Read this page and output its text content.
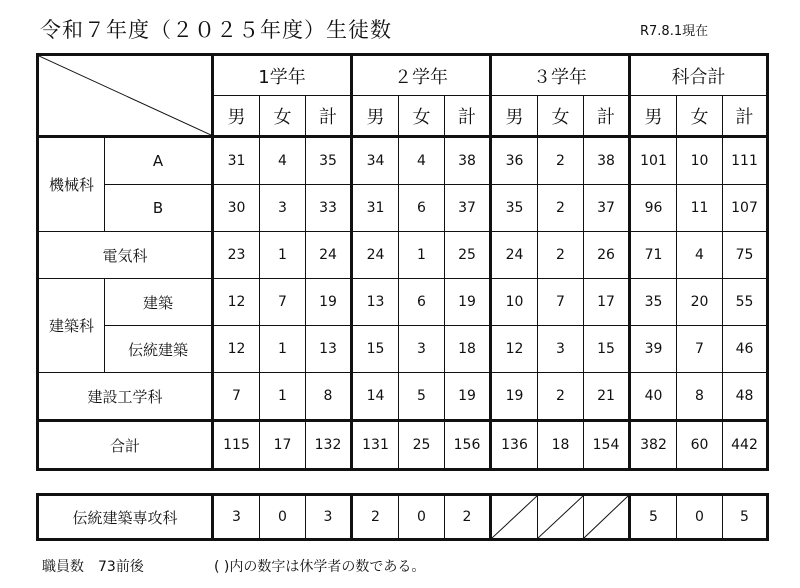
令和７年度（２０２５年度）生徒数	R7.8.1現在
	1学年			２学年			３学年			科合計		
		男	女	計	男	女	計	男	女	計	男	女	計
機械科	A	31	4	35	34	4	38	36	2	38	101	10	111
	B	30	3	33	31	6	37	35	2	37	96	11	107
電気科		23	1	24	24	1	25	24	2	26	71	4	75
建築科	建築	12	7	19	13	6	19	10	7	17	35	20	55
	伝統建築	12	1	13	15	3	18	12	3	15	39	7	46
建設工学科		7	1	8	14	5	19	19	2	21	40	8	48
合計		115	17	132	131	25	156	136	18	154	382	60	442
伝統建築専攻科	3	0	3	2	0	2				5	0	5
職員数　73前後	( )内の数字は休学者の数である。
